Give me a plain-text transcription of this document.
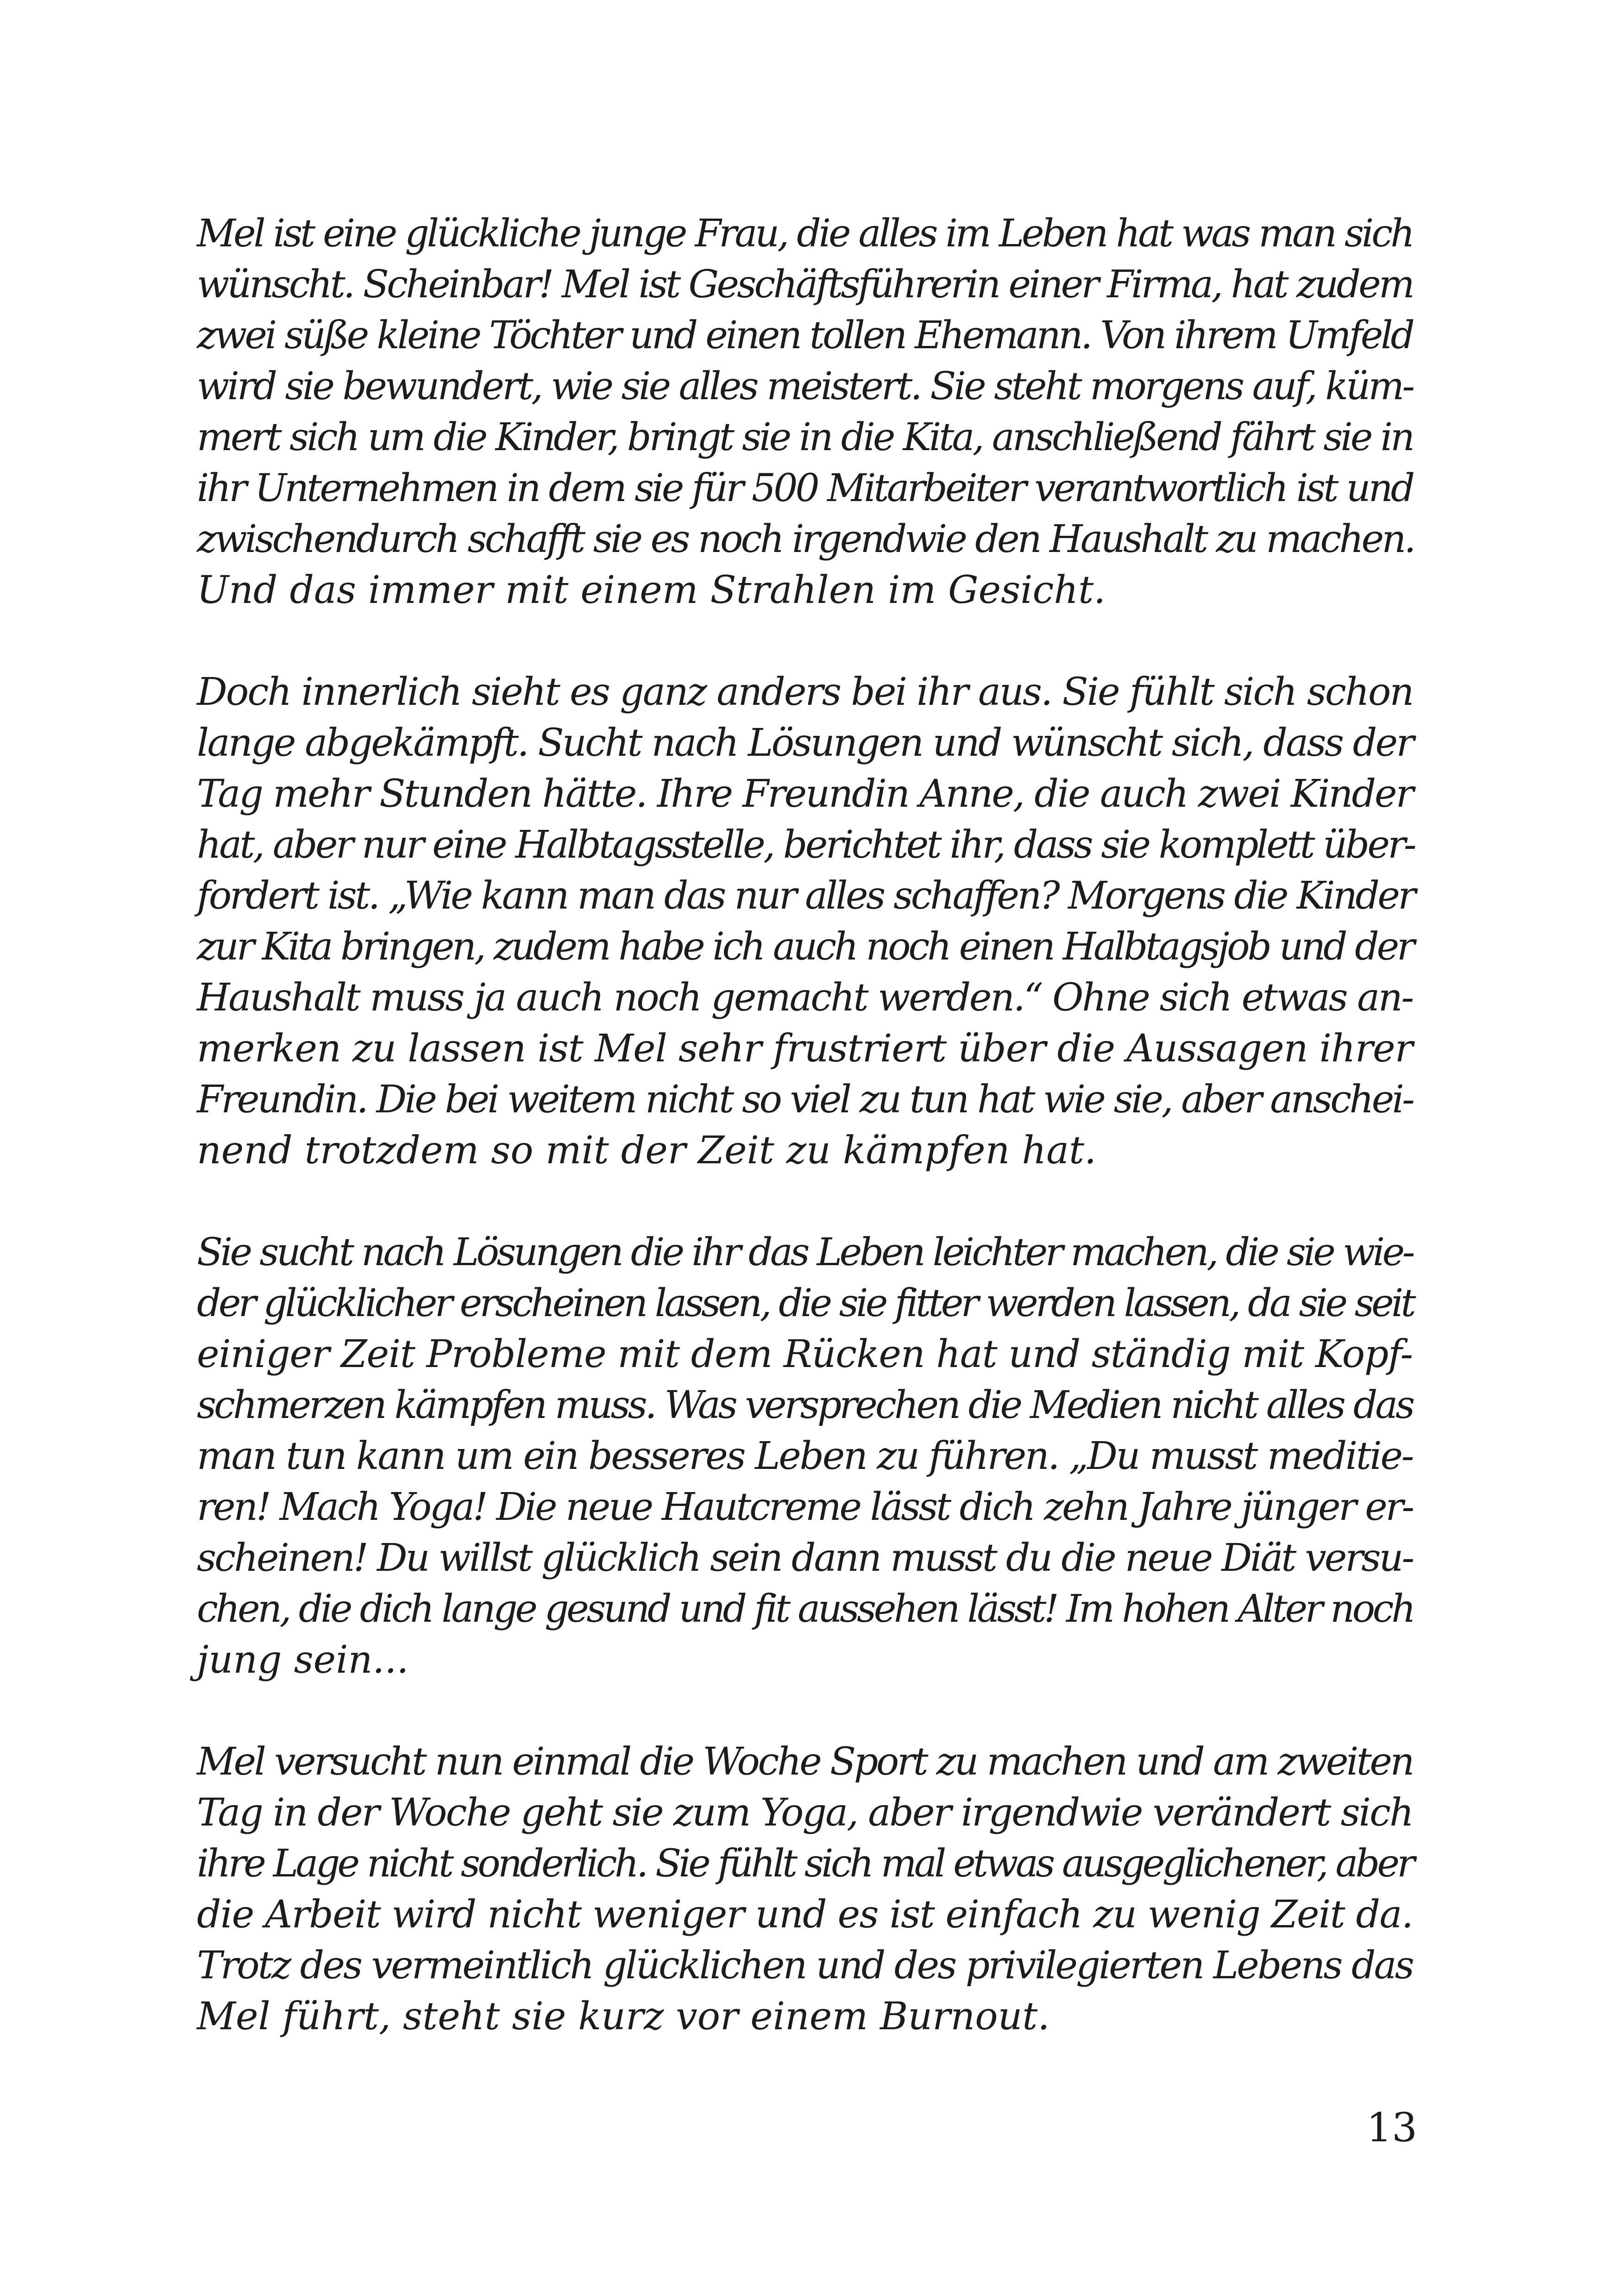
Mel ist eine glückliche junge Frau, die alles im Leben hat was man sich
wünscht. Scheinbar! Mel ist Geschäftsführerin einer Firma, hat zudem
zwei süße kleine Töchter und einen tollen Ehemann. Von ihrem Umfeld
wird sie bewundert, wie sie alles meistert. Sie steht morgens auf, küm-
mert sich um die Kinder, bringt sie in die Kita, anschließend fährt sie in
ihr Unternehmen in dem sie für 500 Mitarbeiter verantwortlich ist und
zwischendurch schafft sie es noch irgendwie den Haushalt zu machen.
Und das immer mit einem Strahlen im Gesicht.
Doch innerlich sieht es ganz anders bei ihr aus. Sie fühlt sich schon
lange abgekämpft. Sucht nach Lösungen und wünscht sich, dass der
Tag mehr Stunden hätte. Ihre Freundin Anne, die auch zwei Kinder
hat, aber nur eine Halbtagsstelle, berichtet ihr, dass sie komplett über-
fordert ist. „Wie kann man das nur alles schaffen? Morgens die Kinder
zur Kita bringen, zudem habe ich auch noch einen Halbtagsjob und der
Haushalt muss ja auch noch gemacht werden.“ Ohne sich etwas an-
merken zu lassen ist Mel sehr frustriert über die Aussagen ihrer
Freundin. Die bei weitem nicht so viel zu tun hat wie sie, aber anschei-
nend trotzdem so mit der Zeit zu kämpfen hat.
Sie sucht nach Lösungen die ihr das Leben leichter machen, die sie wie-
der glücklicher erscheinen lassen, die sie fitter werden lassen, da sie seit
einiger Zeit Probleme mit dem Rücken hat und ständig mit Kopf-
schmerzen kämpfen muss. Was versprechen die Medien nicht alles das
man tun kann um ein besseres Leben zu führen. „Du musst meditie-
ren! Mach Yoga! Die neue Hautcreme lässt dich zehn Jahre jünger er-
scheinen! Du willst glücklich sein dann musst du die neue Diät versu-
chen, die dich lange gesund und fit aussehen lässt! Im hohen Alter noch
jung sein...
Mel versucht nun einmal die Woche Sport zu machen und am zweiten
Tag in der Woche geht sie zum Yoga, aber irgendwie verändert sich
ihre Lage nicht sonderlich. Sie fühlt sich mal etwas ausgeglichener, aber
die Arbeit wird nicht weniger und es ist einfach zu wenig Zeit da.
Trotz des vermeintlich glücklichen und des privilegierten Lebens das
Mel führt, steht sie kurz vor einem Burnout.
13
